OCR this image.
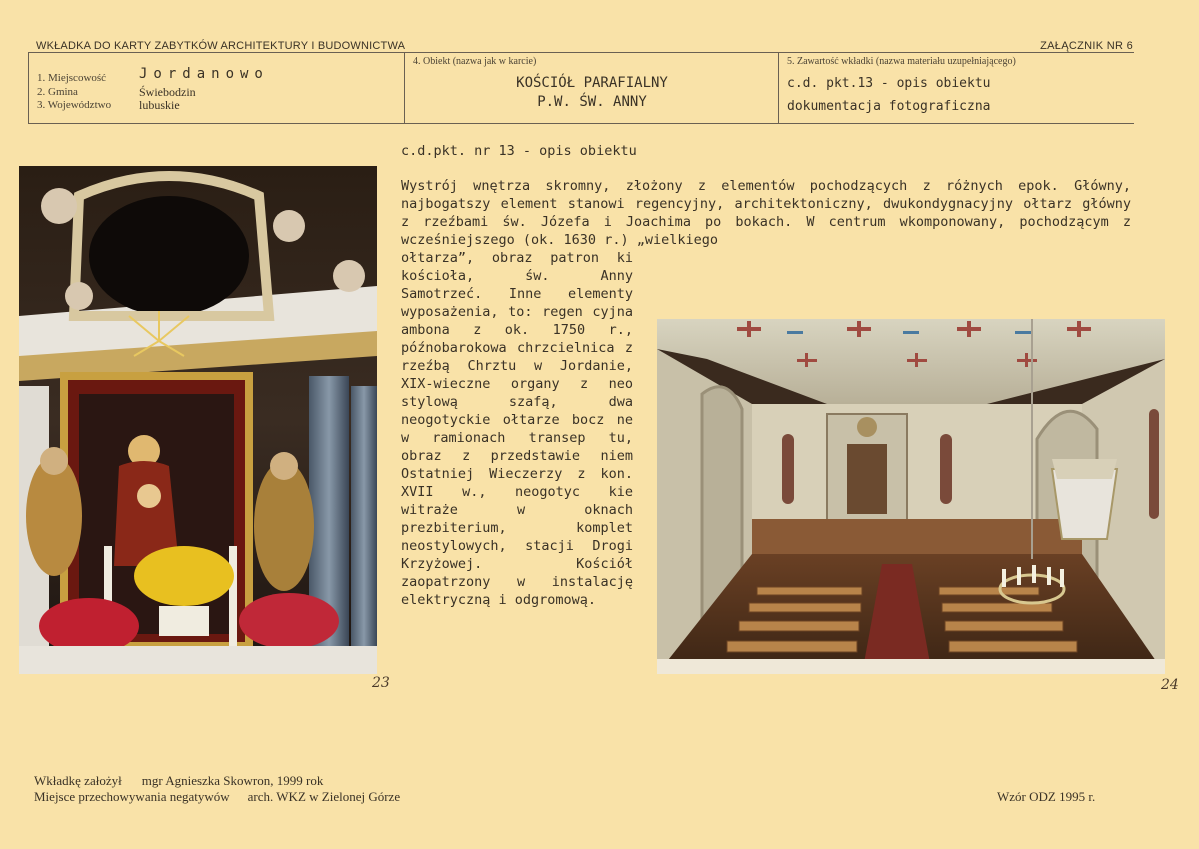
WKŁADKA DO KARTY ZABYTKÓW ARCHITEKTURY I BUDOWNICTWA	ZAŁĄCZNIK NR 6
1. Miejscowość Jordanowo
2. Gmina	Świebodzin
3. Województwo lubuskie
4. Obiekt (nazwa jak w karcie)
KOŚCIÓŁ PARAFIALNY
P.W. ŚW. ANNY
5. Zawartość wkładki (nazwa materiału uzupełniającego)
c.d. pkt.13 - opis obiektu
dokumentacja fotograficzna
c.d.pkt. nr 13 - opis obiektu
Wystrój wnętrza skromny, złożony z elementów pochodzących z różnych epok. Główny, najbogatszy element stanowi regencyjny, architektoniczny, dwukondygnacyjny ołtarz główny z rzeźbami św. Józefa i Joachima po bokach. W centrum wkomponowany, pochodzącym z wcześniejszego (ok. 1630 r.) „wielkiego
ołtarza”, obraz patron ki kościoła, św. Anny Samotrzeć. Inne elementy wyposażenia, to: regen cyjna ambona z ok. 1750 r., późnobarokowa chrzcielnica z rzeźbą Chrztu w Jordanie, XIX-wieczne organy z neo stylową szafą, dwa neogotyckie ołtarze bocz ne w ramionach transep tu, obraz z przedstawie niem Ostatniej Wieczerzy z kon. XVII w., neogotyc kie witraże w oknach prezbiterium, komplet neostylowych, stacji Drogi Krzyżowej. Kościół zaopatrzony w instalację elektryczną i odgromową.
23	24
Wkładkę założył mgr Agnieszka Skowron, 1999 rok
Miejsce przechowywania negatywów arch. WKZ w Zielonej Górze	Wzór ODZ 1995 r.
